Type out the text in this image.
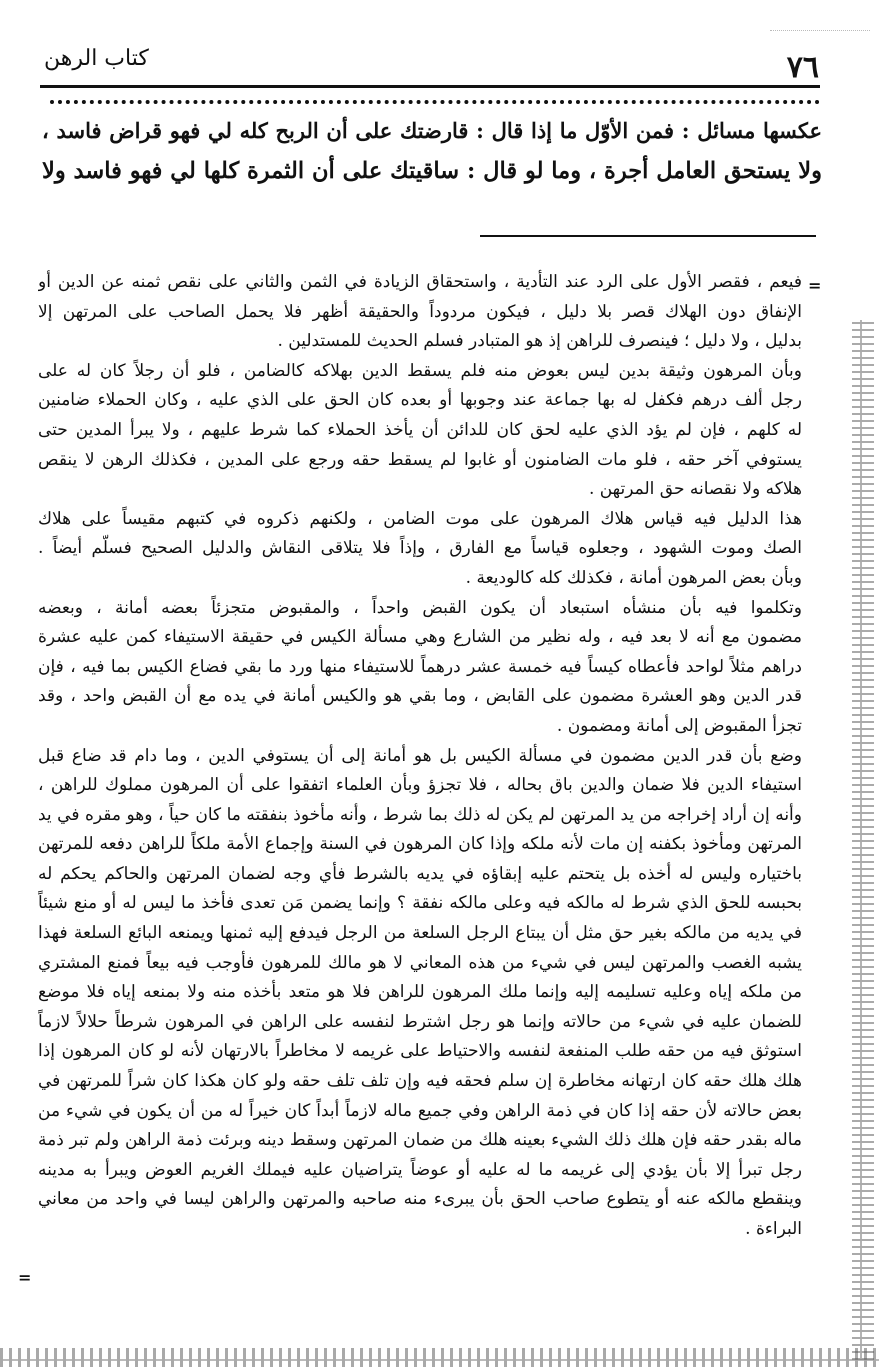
كتاب الرهن	٧٦
عكسها مسائل : فمن الأوّل ما إذا قال : قارضتك على أن الربح كله لي فهو قراض فاسد ،
ولا يستحق العامل أجرة ، وما لو قال : ساقيتك على أن الثمرة كلها لي فهو فاسد ولا
=
=
فيعم ، فقصر الأول على الرد عند التأدية ، واستحقاق الزيادة في الثمن والثاني على نقص ثمنه عن الدين أو
الإنفاق دون الهلاك قصر بلا دليل ، فيكون مردوداً والحقيقة أظهر فلا يحمل الصاحب على المرتهن إلا
بدليل ، ولا دليل ؛ فينصرف للراهن إذ هو المتبادر فسلم الحديث للمستدلين .
وبأن المرهون وثيقة بدين ليس بعوض منه فلم يسقط الدين بهلاكه كالضامن ، فلو أن رجلاً كان له على
رجل ألف درهم فكفل له بها جماعة عند وجوبها أو بعده كان الحق على الذي عليه ، وكان الحملاء ضامنين
له كلهم ، فإن لم يؤد الذي عليه لحق كان للدائن أن يأخذ الحملاء كما شرط عليهم ، ولا يبرأ المدين حتى
يستوفي آخر حقه ، فلو مات الضامنون أو غابوا لم يسقط حقه ورجع على المدين ، فكذلك الرهن لا ينقص
هلاكه ولا نقصانه حق المرتهن .
هذا الدليل فيه قياس هلاك المرهون على موت الضامن ، ولكنهم ذكروه في كتبهم مقيساً على هلاك
الصك وموت الشهود ، وجعلوه قياساً مع الفارق ، وإذاً فلا يتلاقى النقاش والدليل الصحيح فسلّم أيضاً .
وبأن بعض المرهون أمانة ، فكذلك كله كالوديعة .
وتكلموا فيه بأن منشأه استبعاد أن يكون القبض واحداً ، والمقبوض متجزئاً بعضه أمانة ، وبعضه
مضمون مع أنه لا بعد فيه ، وله نظير من الشارع وهي مسألة الكيس في حقيقة الاستيفاء كمن عليه عشرة
دراهم مثلاً لواحد فأعطاه كيساً فيه خمسة عشر درهماً للاستيفاء منها ورد ما بقي فضاع الكيس بما فيه ، فإن
قدر الدين وهو العشرة مضمون على القابض ، وما بقي هو والكيس أمانة في يده مع أن القبض واحد ، وقد
تجزأ المقبوض إلى أمانة ومضمون .
وضع بأن قدر الدين مضمون في مسألة الكيس بل هو أمانة إلى أن يستوفي الدين ، وما دام قد ضاع قبل
استيفاء الدين فلا ضمان والدين باق بحاله ، فلا تجزؤ وبأن العلماء اتفقوا على أن المرهون مملوك للراهن ،
وأنه إن أراد إخراجه من يد المرتهن لم يكن له ذلك بما شرط ، وأنه مأخوذ بنفقته ما كان حياً ، وهو مقره في يد
المرتهن ومأخوذ بكفنه إن مات لأنه ملكه وإذا كان المرهون في السنة وإجماع الأمة ملكاً للراهن دفعه للمرتهن
باختياره وليس له أخذه بل يتحتم عليه إبقاؤه في يديه بالشرط فأي وجه لضمان المرتهن والحاكم يحكم له
بحبسه للحق الذي شرط له مالكه فيه وعلى مالكه نفقة ؟ وإنما يضمن مَن تعدى فأخذ ما ليس له أو منع شيئاً
في يديه من مالكه بغير حق مثل أن يبتاع الرجل السلعة من الرجل فيدفع إليه ثمنها ويمنعه البائع السلعة فهذا
يشبه الغصب والمرتهن ليس في شيء من هذه المعاني لا هو مالك للمرهون فأوجب فيه بيعاً فمنع المشتري
من ملكه إياه وعليه تسليمه إليه وإنما ملك المرهون للراهن فلا هو متعد بأخذه منه ولا بمنعه إياه فلا موضع
للضمان عليه في شيء من حالاته وإنما هو رجل اشترط لنفسه على الراهن في المرهون شرطاً حلالاً لازماً
استوثق فيه من حقه طلب المنفعة لنفسه والاحتياط على غريمه لا مخاطراً بالارتهان لأنه لو كان المرهون إذا
هلك هلك حقه كان ارتهانه مخاطرة إن سلم فحقه فيه وإن تلف تلف حقه ولو كان هكذا كان شراً للمرتهن في
بعض حالاته لأن حقه إذا كان في ذمة الراهن وفي جميع ماله لازماً أبداً كان خيراً له من أن يكون في شيء من
ماله بقدر حقه فإن هلك ذلك الشيء بعينه هلك من ضمان المرتهن وسقط دينه وبرئت ذمة الراهن ولم تبر ذمة
رجل تبرأ إلا بأن يؤدي إلى غريمه ما له عليه أو عوضاً يتراضيان عليه فيملك الغريم العوض ويبرأ به مدينه
وينقطع مالكه عنه أو يتطوع صاحب الحق بأن يبرىء منه صاحبه والمرتهن والراهن ليسا في واحد من معاني
البراءة .
